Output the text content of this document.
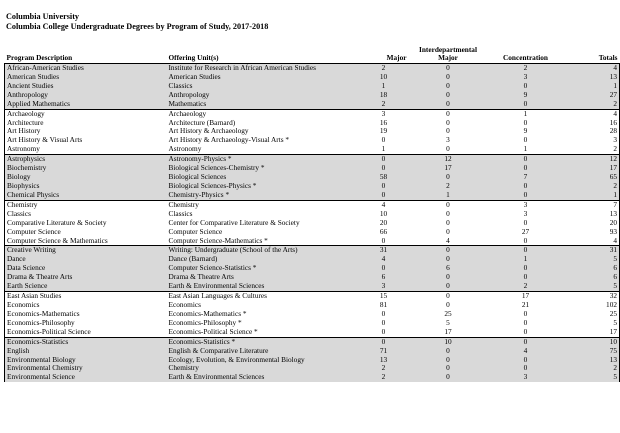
Columbia University
Columbia College Undergraduate Degrees by Program of Study, 2017-2018
Program Description	Offering Unit(s)	Major	Interdepartmental Major	Concentration	Totals
African-American Studies	Institute for Research in African American Studies	2	0	2	4
American Studies	American Studies	10	0	3	13
Ancient Studies	Classics	1	0	0	1
Anthropology	Anthropology	18	0	9	27
Applied Mathematics	Mathematics	2	0	0	2
Archaeology	Archaeology	3	0	1	4
Architecture	Architecture (Barnard)	16	0	0	16
Art History	Art History & Archaeology	19	0	9	28
Art History & Visual Arts	Art History & Archaeology-Visual Arts *	0	3	0	3
Astronomy	Astronomy	1	0	1	2
Astrophysics	Astronomy-Physics *	0	12	0	12
Biochemistry	Biological Sciences-Chemistry *	0	17	0	17
Biology	Biological Sciences	58	0	7	65
Biophysics	Biological Sciences-Physics *	0	2	0	2
Chemical Physics	Chemistry-Physics *	0	1	0	1
Chemistry	Chemistry	4	0	3	7
Classics	Classics	10	0	3	13
Comparative Literature & Society	Center for Comparative Literature & Society	20	0	0	20
Computer Science	Computer Science	66	0	27	93
Computer Science & Mathematics	Computer Science-Mathematics *	0	4	0	4
Creative Writing	Writing: Undergraduate (School of the Arts)	31	0	0	31
Dance	Dance (Barnard)	4	0	1	5
Data Science	Computer Science-Statistics *	0	6	0	6
Drama & Theatre Arts	Drama & Theatre Arts	6	0	0	6
Earth Science	Earth & Environmental Sciences	3	0	2	5
East Asian Studies	East Asian Languages & Cultures	15	0	17	32
Economics	Economics	81	0	21	102
Economics-Mathematics	Economics-Mathematics *	0	25	0	25
Economics-Philosophy	Economics-Philosophy *	0	5	0	5
Economics-Political Science	Economics-Political Science *	0	17	0	17
Economics-Statistics	Economics-Statistics *	0	10	0	10
English	English & Comparative Literature	71	0	4	75
Environmental Biology	Ecology, Evolution, & Environmental Biology	13	0	0	13
Environmental Chemistry	Chemistry	2	0	0	2
Environmental Science	Earth & Environmental Sciences	2	0	3	5
